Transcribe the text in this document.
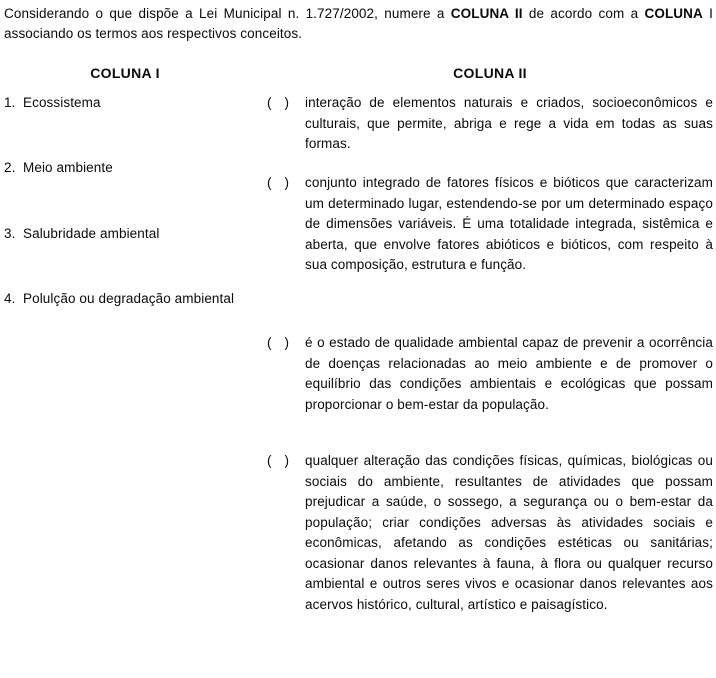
Considerando o que dispõe a Lei Municipal n. 1.727/2002, numere a COLUNA II de acordo com a COLUNA I associando os termos aos respectivos conceitos.

COLUNA I	COLUNA II
1. Ecossistema
2. Meio ambiente
3. Salubridade ambiental
4. Polulção ou degradação ambiental
( )	interação de elementos naturais e criados, socioeconômicos e culturais, que permite, abriga e rege a vida em todas as suas formas.
( )	conjunto integrado de fatores físicos e bióticos que caracterizam um determinado lugar, estendendo-se por um determinado espaço de dimensões variáveis. É uma totalidade integrada, sistêmica e aberta, que envolve fatores abióticos e bióticos, com respeito à sua composição, estrutura e função.
( )	é o estado de qualidade ambiental capaz de prevenir a ocorrência de doenças relacionadas ao meio ambiente e de promover o equilíbrio das condições ambientais e ecológicas que possam proporcionar o bem-estar da população.
( )	qualquer alteração das condições físicas, químicas, biológicas ou sociais do ambiente, resultantes de atividades que possam prejudicar a saúde, o sossego, a segurança ou o bem-estar da população; criar condições adversas às atividades sociais e econômicas, afetando as condições estéticas ou sanitárias; ocasionar danos relevantes à fauna, à flora ou qualquer recurso ambiental e outros seres vivos e ocasionar danos relevantes aos acervos histórico, cultural, artístico e paisagístico.
